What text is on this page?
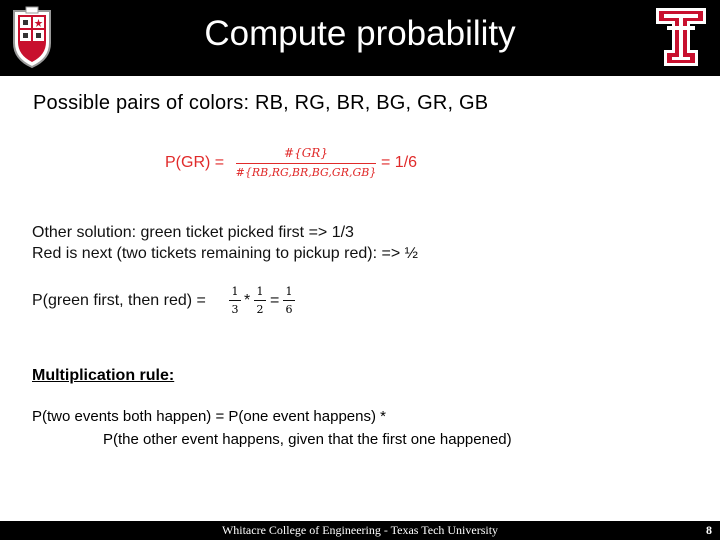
Compute probability
Possible pairs of colors: RB, RG, BR, BG, GR, GB
P(GR) =
#{GR}
#{RB,RG,BR,BG,GR,GB}
= 1/6
Other solution: green ticket picked first => 1/3
Red is next (two tickets remaining to pickup red): => ½
P(green first, then red) =
1
3
*
1
2
=
1
6
Multiplication rule:
P(two events both happen) = P(one event happens) *
P(the other event happens, given that the first one happened)
Whitacre College of Engineering - Texas Tech University	8
